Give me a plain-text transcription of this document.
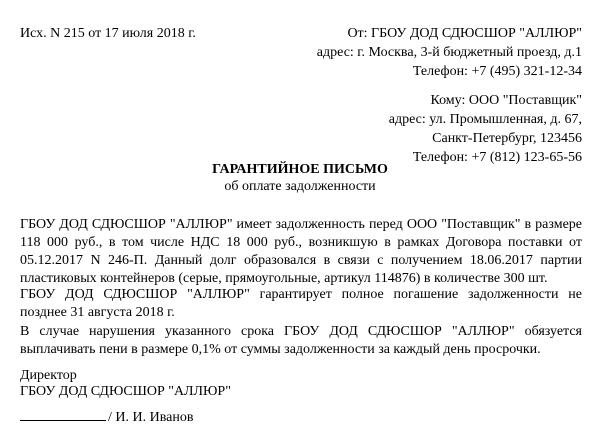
Исх. N 215 от 17 июля 2018 г.	От: ГБОУ ДОД СДЮСШОР "АЛЛЮР"
адрес: г. Москва, 3-й бюджетный проезд, д.1
Телефон: +7 (495) 321-12-34
Кому: ООО "Поставщик"
адрес: ул. Промышленная, д. 67,
Санкт-Петербург, 123456
Телефон: +7 (812) 123-65-56
ГАРАНТИЙНОЕ ПИСЬМО
об оплате задолженности
ГБОУ ДОД СДЮСШОР "АЛЛЮР" имеет задолженность перед ООО "Поставщик" в размере 118 000 руб., в том числе НДС 18 000 руб., возникшую в рамках Договора поставки от 05.12.2017 N 246-П. Данный долг образовался в связи с получением 18.06.2017 партии пластиковых контейнеров (серые, прямоугольные, артикул 114876) в количестве 300 шт.
ГБОУ ДОД СДЮСШОР "АЛЛЮР" гарантирует полное погашение задолженности не позднее 31 августа 2018 г.
В случае нарушения указанного срока ГБОУ ДОД СДЮСШОР "АЛЛЮР" обязуется выплачивать пени в размере 0,1% от суммы задолженности за каждый день просрочки.
Директор
ГБОУ ДОД СДЮСШОР "АЛЛЮР"
/ И. И. Иванов
